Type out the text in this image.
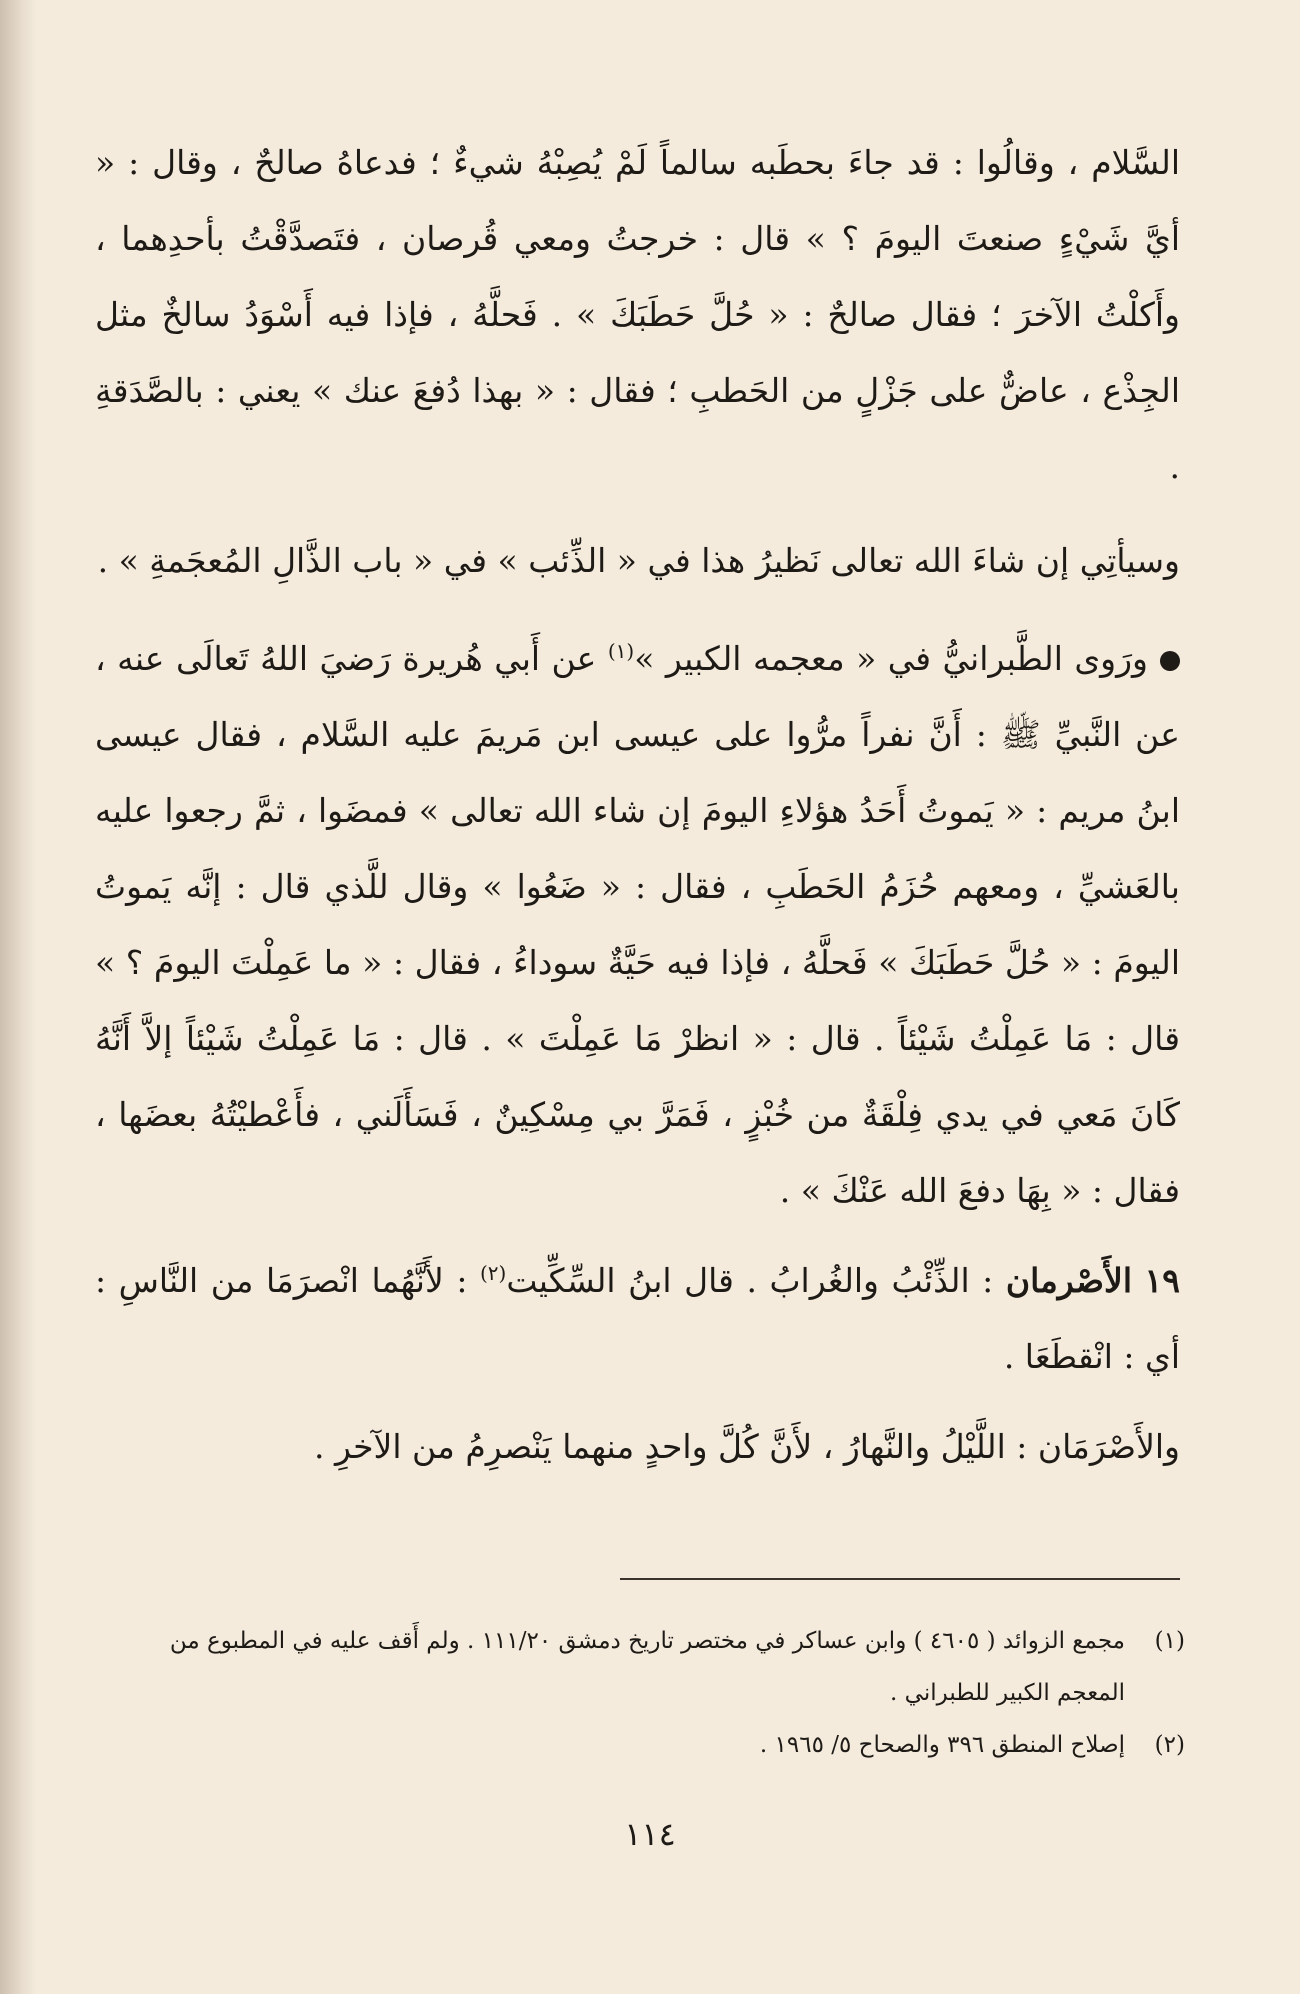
السَّلام ، وقالُوا : قد جاءَ بحطَبه سالماً لَمْ يُصِبْهُ شيءٌ ؛ فدعاهُ صالحٌ ، وقال : « أيَّ شَيْءٍ صنعتَ اليومَ ؟ » قال : خرجتُ ومعي قُرصان ، فتَصدَّقْتُ بأحدِهما ، وأَكلْتُ الآخرَ ؛ فقال صالحٌ : « حُلَّ حَطَبَكَ » . فَحلَّهُ ، فإذا فيه أَسْوَدُ سالخٌ مثل الجِذْع ، عاضٌّ على جَزْلٍ من الحَطبِ ؛ فقال : « بهذا دُفعَ عنك » يعني : بالصَّدَقةِ .

وسيأتِي إن شاءَ الله تعالى نَظيرُ هذا في « الذِّئب » في « باب الذَّالِ المُعجَمةِ » .

ورَوى الطَّبرانيُّ في « معجمه الكبير »$^{(١)}$ عن أَبي هُريرة رَضيَ اللهُ تَعالَى عنه ، عن النَّبيِّ ﷺ : أَنَّ نفراً مرُّوا على عيسى ابن مَريمَ عليه السَّلام ، فقال عيسى ابنُ مريم : « يَموتُ أَحَدُ هؤلاءِ اليومَ إن شاء الله تعالى » فمضَوا ، ثمَّ رجعوا عليه بالعَشيِّ ، ومعهم حُزَمُ الحَطَبِ ، فقال : « ضَعُوا » وقال للَّذي قال : إنَّه يَموتُ اليومَ : « حُلَّ حَطَبَكَ » فَحلَّهُ ، فإذا فيه حَيَّةٌ سوداءُ ، فقال : « ما عَمِلْتَ اليومَ ؟ » قال : مَا عَمِلْتُ شَيْئاً . قال : « انظرْ مَا عَمِلْتَ » . قال : مَا عَمِلْتُ شَيْئاً إلاَّ أَنَّهُ كَانَ مَعي في يدي فِلْقَةٌ من خُبْزٍ ، فَمَرَّ بي مِسْكِينٌ ، فَسَأَلَني ، فأَعْطيْتُهُ بعضَها ، فقال : « بِهَا دفعَ الله عَنْكَ » .

١٩ الأَصْرمان : الذِّئْبُ والغُرابُ . قال ابنُ السِّكِّيت$^{(٢)}$ : لأَنَّهُما انْصرَمَا من النَّاسِ : أي : انْقطَعَا .

والأَصْرَمَان : اللَّيْلُ والنَّهارُ ، لأَنَّ كُلَّ واحدٍ منهما يَنْصرِمُ من الآخرِ .

(١)
مجمع الزوائد ( ٤٦٠٥ ) وابن عساكر في مختصر تاريخ دمشق ١١١/٢٠ . ولم أَقف عليه في المطبوع من المعجم الكبير للطبراني .
(٢)
إصلاح المنطق ٣٩٦ والصحاح ٥/ ١٩٦٥ .
١١٤
